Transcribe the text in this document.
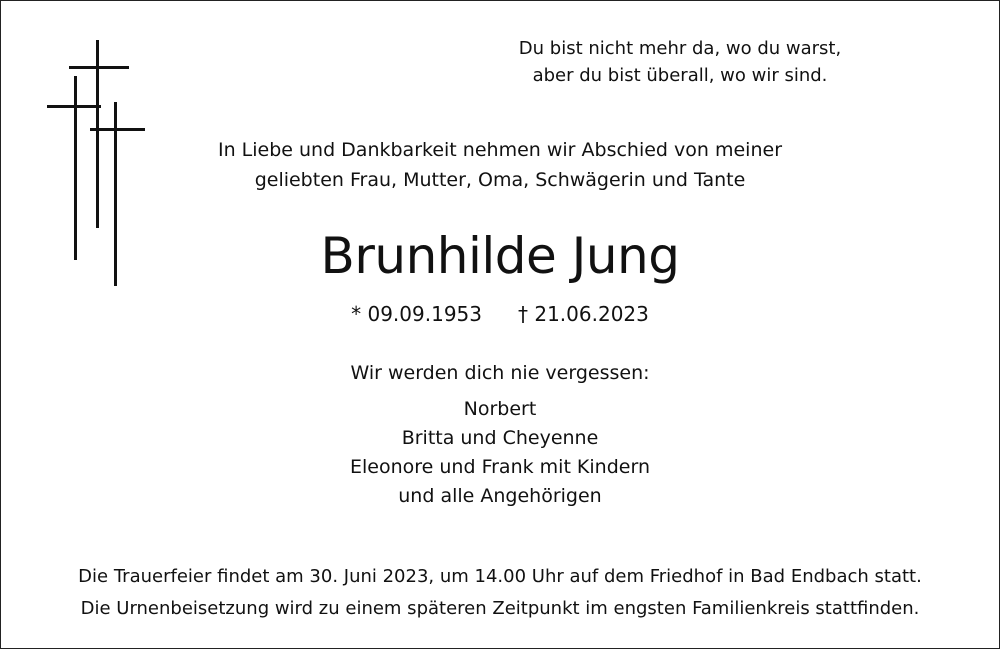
Du bist nicht mehr da, wo du warst,
aber du bist überall, wo wir sind.
In Liebe und Dankbarkeit nehmen wir Abschied von meiner
geliebten Frau, Mutter, Oma, Schwägerin und Tante
Brunhilde Jung
* 09.09.1953 † 21.06.2023
Wir werden dich nie vergessen:
Norbert
Britta und Cheyenne
Eleonore und Frank mit Kindern
und alle Angehörigen
Die Trauerfeier findet am 30. Juni 2023, um 14.00 Uhr auf dem Friedhof in Bad Endbach statt.
Die Urnenbeisetzung wird zu einem späteren Zeitpunkt im engsten Familienkreis stattfinden.
